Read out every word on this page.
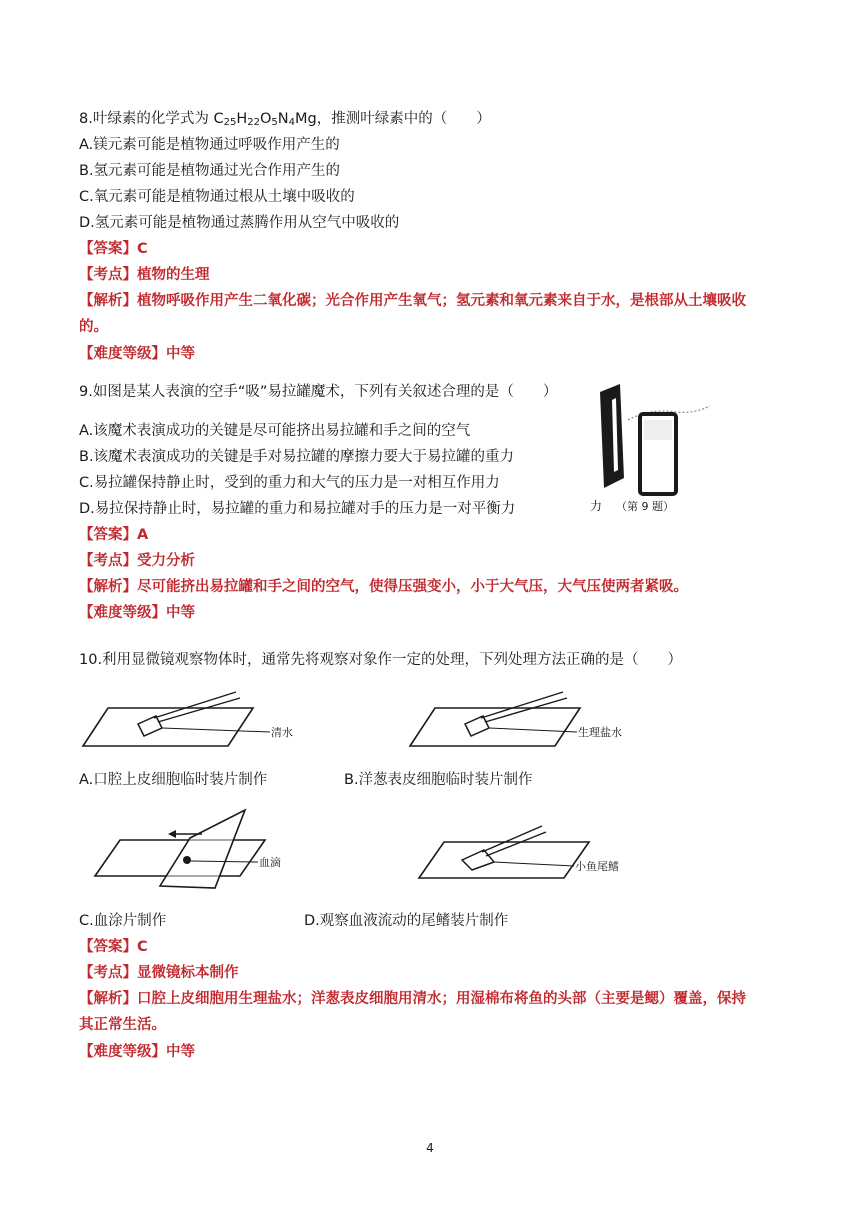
8.叶绿素的化学式为 $C_{25}H_{22}O_5N_4Mg$，推测叶绿素中的（　　）
A.镁元素可能是植物通过呼吸作用产生的
B.氢元素可能是植物通过光合作用产生的
C.氧元素可能是植物通过根从土壤中吸收的
D.氢元素可能是植物通过蒸腾作用从空气中吸收的
【答案】C
【考点】植物的生理
【解析】植物呼吸作用产生二氧化碳；光合作用产生氧气；氢元素和氧元素来自于水，是根部从土壤吸收
的。
【难度等级】中等
9.如图是某人表演的空手“吸”易拉罐魔术，下列有关叙述合理的是（　　）
A.该魔术表演成功的关键是尽可能挤出易拉罐和手之间的空气
B.该魔术表演成功的关键是手对易拉罐的摩擦力要大于易拉罐的重力
C.易拉罐保持静止时，受到的重力和大气的压力是一对相互作用力
D.易拉保持静止时，易拉罐的重力和易拉罐对手的压力是一对平衡力
【答案】A
【考点】受力分析
【解析】尽可能挤出易拉罐和手之间的空气，使得压强变小，小于大气压，大气压使两者紧吸。
【难度等级】中等
力 （第 9 题）
10.利用显微镜观察物体时，通常先将观察对象作一定的处理，下列处理方法正确的是（　　）
清水	生理盐水
A.口腔上皮细胞临时装片制作	B.洋葱表皮细胞临时装片制作
血滴	小鱼尾鳍
C.血涂片制作	D.观察血液流动的尾鳍装片制作
【答案】C
【考点】显微镜标本制作
【解析】口腔上皮细胞用生理盐水；洋葱表皮细胞用清水；用湿棉布将鱼的头部（主要是鳃）覆盖，保持
其正常生活。
【难度等级】中等
4
